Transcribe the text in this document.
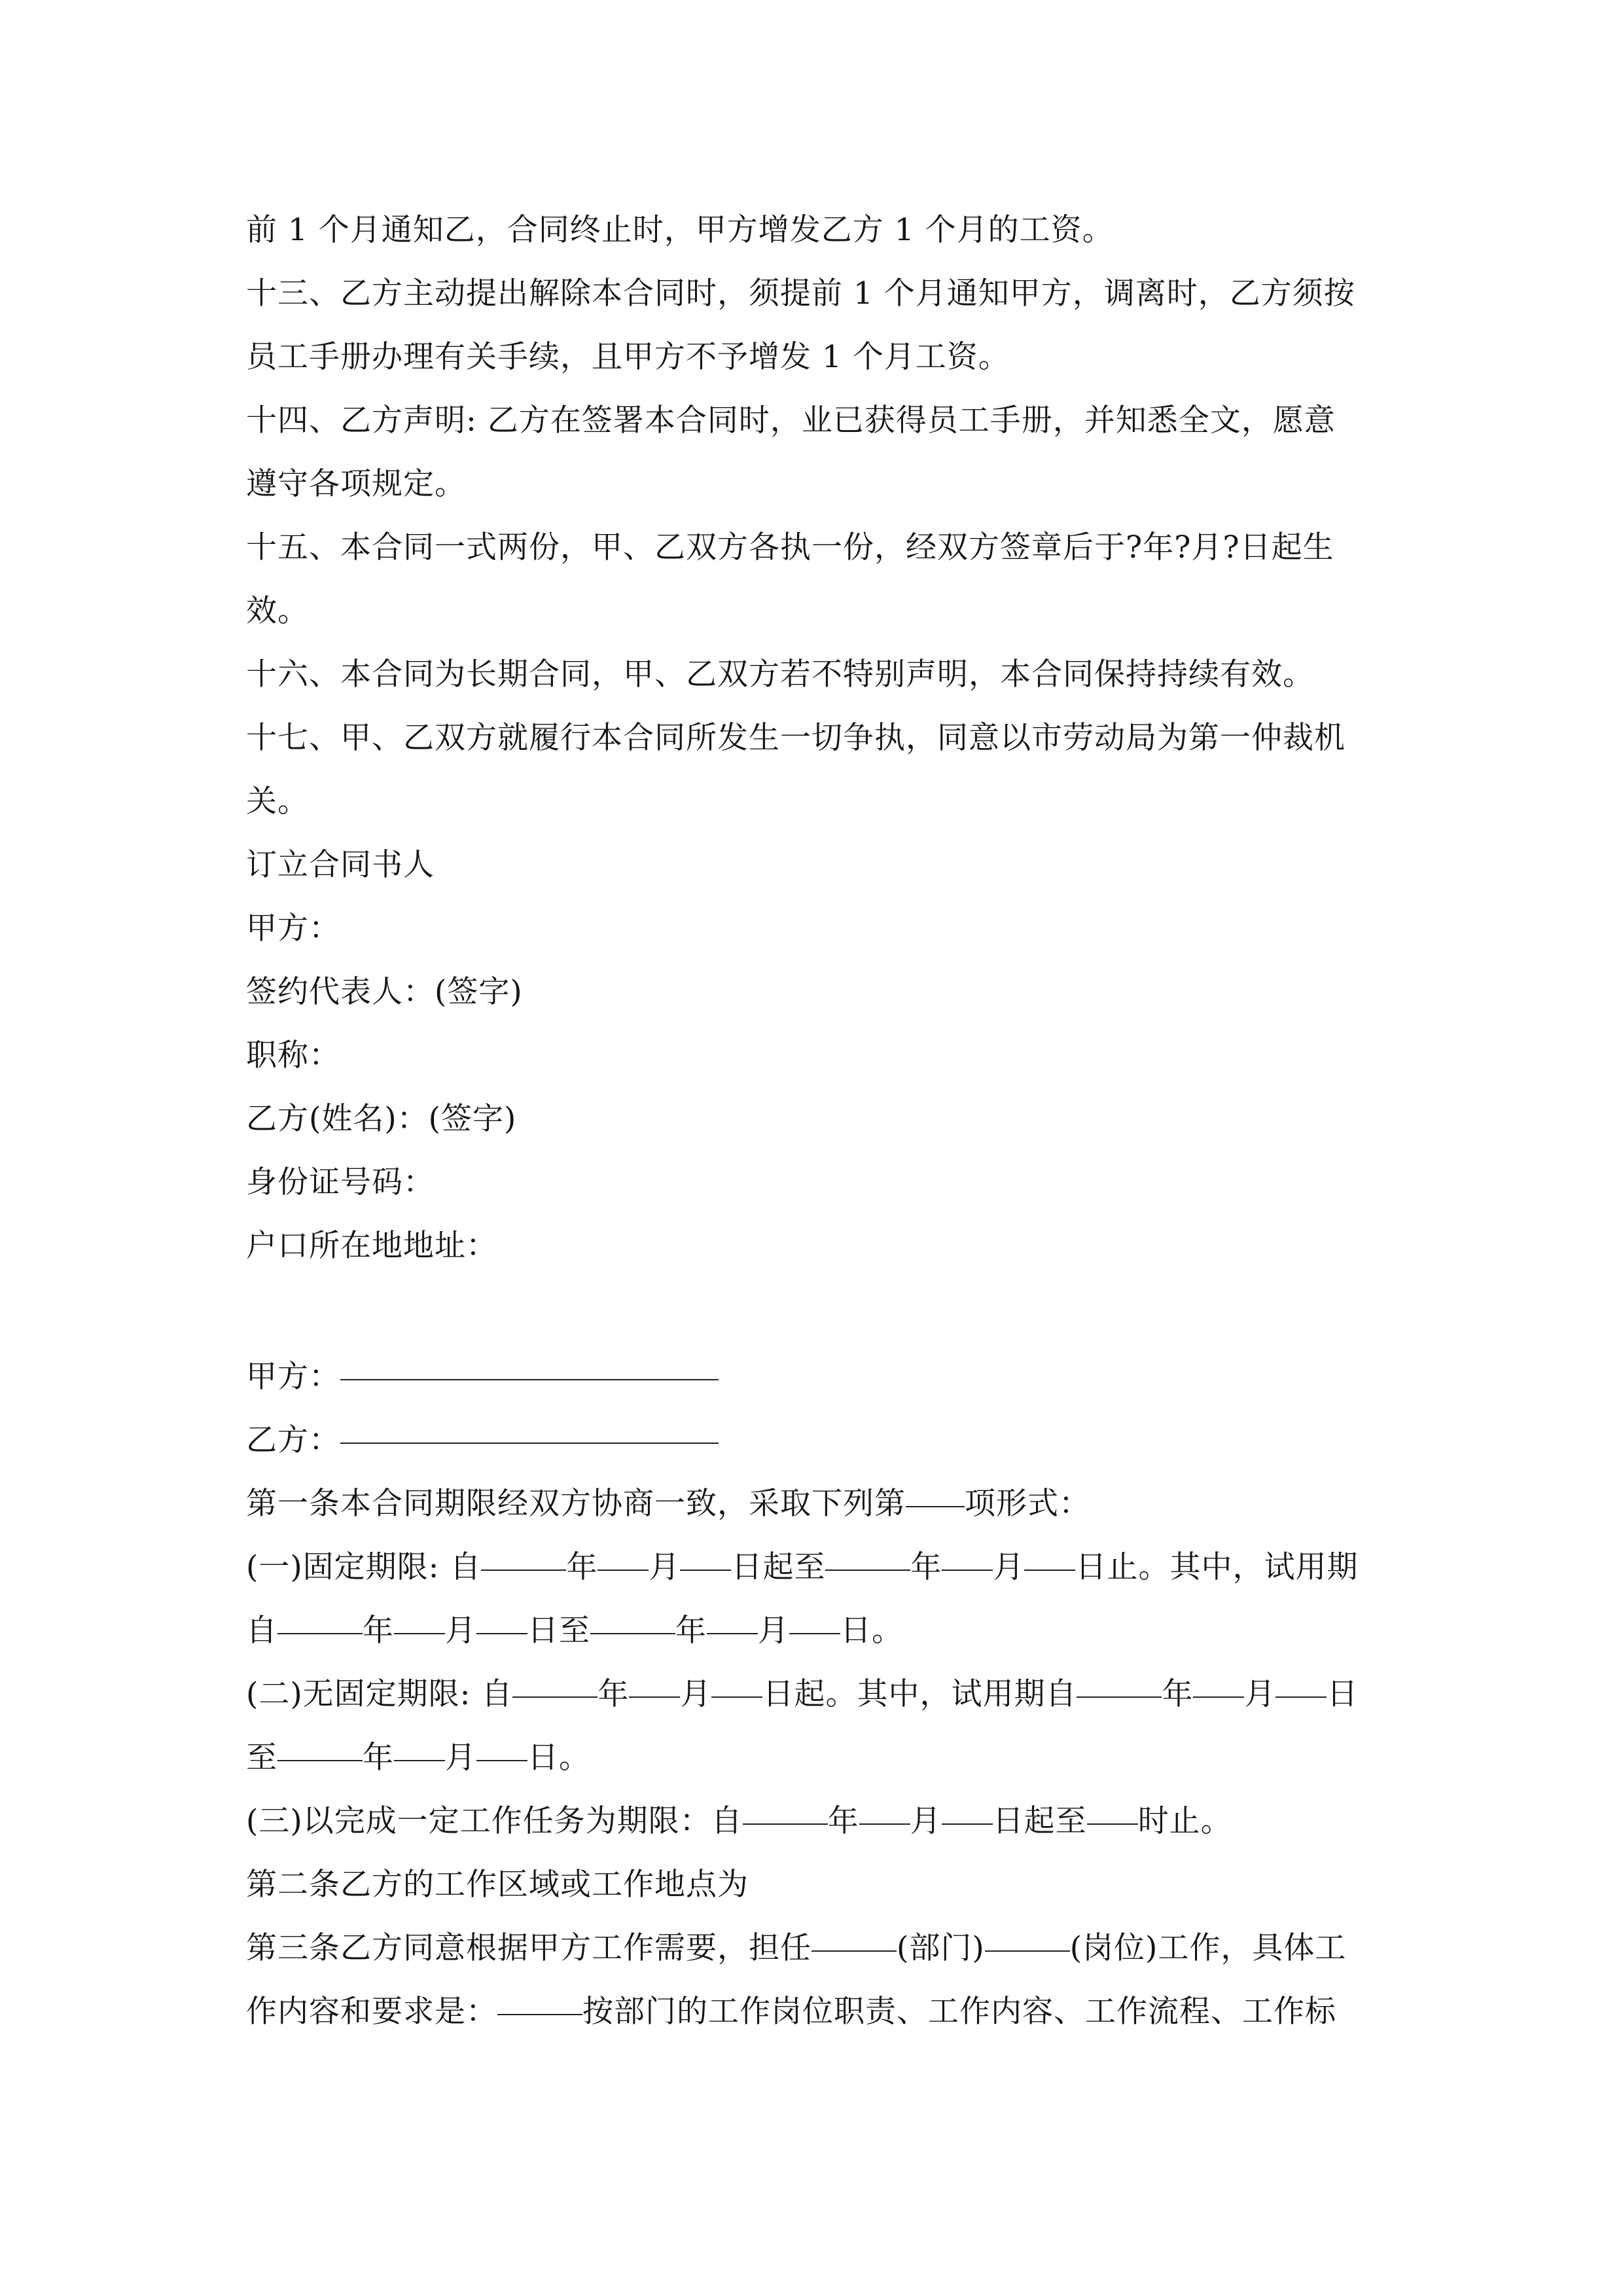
前 1 个月通知乙，合同终止时，甲方增发乙方 1 个月的工资。
十三、乙方主动提出解除本合同时，须提前 1 个月通知甲方，调离时，乙方须按
员工手册办理有关手续，且甲方不予增发 1 个月工资。
十四、乙方声明: 乙方在签署本合同时，业已获得员工手册，并知悉全文，愿意
遵守各项规定。
十五、本合同一式两份，甲、乙双方各执一份，经双方签章后于?年?月?日起生
效。
十六、本合同为长期合同，甲、乙双方若不特别声明，本合同保持持续有效。
十七、甲、乙双方就履行本合同所发生一切争执，同意以市劳动局为第一仲裁机
关。
订立合同书人
甲方：
签约代表人：(签字)
职称：
乙方(姓名)：(签字)
身份证号码：
户口所在地地址：
甲方：
乙方：
第一条本合同期限经双方协商一致，采取下列第 项形式：
(一)固定期限: 自	年 月 日起至	年 月 日止。其中，试用期
自	年 月 日至	年 月 日。
(二)无固定期限: 自	年 月 日起。其中，试用期自	年 月 日
至	年 月 日。
(三)以完成一定工作任务为期限：自	年 月 日起至 时止。
第二条乙方的工作区域或工作地点为
第三条乙方同意根据甲方工作需要，担任	(部门)	(岗位)工作，具体工
作内容和要求是：	按部门的工作岗位职责、工作内容、工作流程、工作标
